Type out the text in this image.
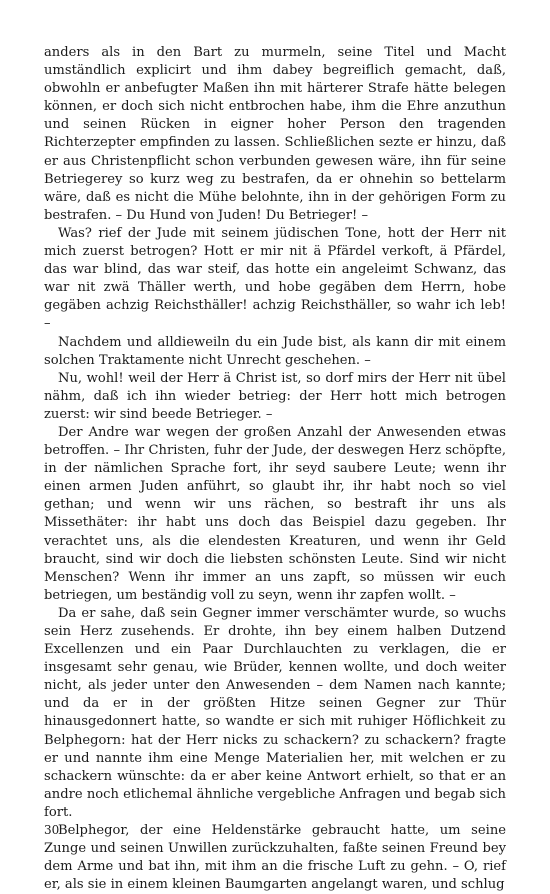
anders als in den Bart zu murmeln, seine Titel und Macht umständlich explicirt und ihm dabey begreiflich gemacht, daß, obwohln er anbefugter Maßen ihn mit härterer Strafe hätte belegen können, er doch sich nicht entbrochen habe, ihm die Ehre anzuthun und seinen Rücken in eigner hoher Person den tragenden Richterzepter empfinden zu lassen. Schließlichen sezte er hinzu, daß er aus Christenpflicht schon verbunden gewesen wäre, ihn für seine Betriegerey so kurz weg zu bestrafen, da er ohnehin so bettelarm wäre, daß es nicht die Mühe belohnte, ihn in der gehörigen Form zu bestrafen. – Du Hund von Juden! Du Betrieger! –

Was? rief der Jude mit seinem jüdischen Tone, hott der Herr nit mich zuerst betrogen? Hott er mir nit ä Pfärdel verkoft, ä Pfärdel, das war blind, das war steif, das hotte ein angeleimt Schwanz, das war nit zwä Thäller werth, und hobe gegäben dem Herrn, hobe gegäben achzig Reichsthäller! achzig Reichsthäller, so wahr ich leb! –

Nachdem und alldieweiln du ein Jude bist, als kann dir mit einem solchen Traktamente nicht Unrecht geschehen. –

Nu, wohl! weil der Herr ä Christ ist, so dorf mirs der Herr nit übel nähm, daß ich ihn wieder betrieg: der Herr hott mich betrogen zuerst: wir sind beede Betrieger. –

Der Andre war wegen der großen Anzahl der Anwesenden etwas betroffen. – Ihr Christen, fuhr der Jude, der deswegen Herz schöpfte, in der nämlichen Sprache fort, ihr seyd saubere Leute; wenn ihr einen armen Juden anführt, so glaubt ihr, ihr habt noch so viel gethan; und wenn wir uns rächen, so bestraft ihr uns als Missethäter: ihr habt uns doch das Beispiel dazu gegeben. Ihr verachtet uns, als die elendesten Kreaturen, und wenn ihr Geld braucht, sind wir doch die liebsten schönsten Leute. Sind wir nicht Menschen? Wenn ihr immer an uns zapft, so müssen wir euch betriegen, um beständig voll zu seyn, wenn ihr zapfen wollt. –

Da er sahe, daß sein Gegner immer verschämter wurde, so wuchs sein Herz zusehends. Er drohte, ihn bey einem halben Dutzend Excellenzen und ein Paar Durchlauchten zu verklagen, die er insgesamt sehr genau, wie Brüder, kennen wollte, und doch weiter nicht, als jeder unter den Anwesenden – dem Namen nach kannte; und da er in der größten Hitze seinen Gegner zur Thür hinausgedonnert hatte, so wandte er sich mit ruhiger Höflichkeit zu Belphegorn: hat der Herr nicks zu schackern? zu schackern? fragte er und nannte ihm eine Menge Materialien her, mit welchen er zu schackern wünschte: da er aber keine Antwort erhielt, so that er an andre noch etlichemal ähnliche vergebliche Anfragen und begab sich fort.

Belphegor, der eine Heldenstärke gebraucht hatte, um seine Zunge und seinen Unwillen zurückzuhalten, faßte seinen Freund bey dem Arme und bat ihn, mit ihm an die frische Luft zu gehn. – O, rief er, als sie in einem kleinen Baumgarten angelangt waren, und schlug

30
